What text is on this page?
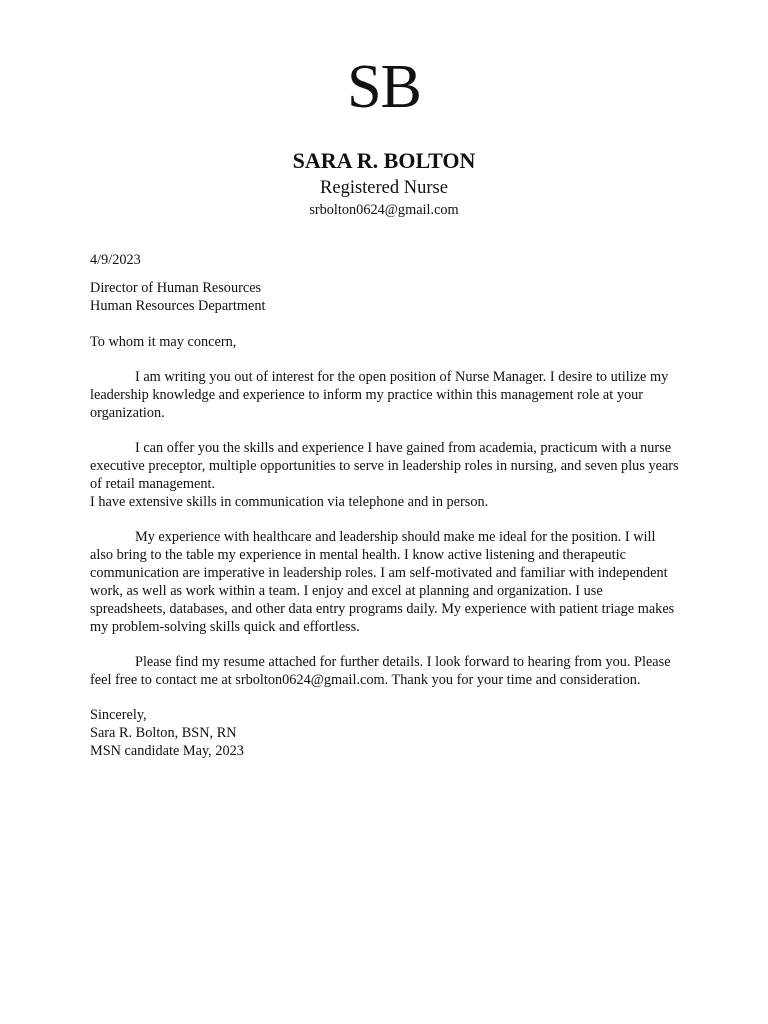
SB
SARA R. BOLTON
Registered Nurse
srbolton0624@gmail.com

4/9/2023

Director of Human Resources

Human Resources Department

To whom it may concern,

I am writing you out of interest for the open position of Nurse Manager. I desire to utilize my leadership knowledge and experience to inform my practice within this management role at your organization.

I can offer you the skills and experience I have gained from academia, practicum with a nurse executive preceptor, multiple opportunities to serve in leadership roles in nursing, and seven plus years of retail management.

I have extensive skills in communication via telephone and in person.

My experience with healthcare and leadership should make me ideal for the position. I will also bring to the table my experience in mental health. I know active listening and therapeutic communication are imperative in leadership roles. I am self-motivated and familiar with independent work, as well as work within a team. I enjoy and excel at planning and organization. I use spreadsheets, databases, and other data entry programs daily. My experience with patient triage makes my problem-solving skills quick and effortless.

Please find my resume attached for further details. I look forward to hearing from you. Please feel free to contact me at srbolton0624@gmail.com. Thank you for your time and consideration.

Sincerely,

Sara R. Bolton, BSN, RN

MSN candidate May, 2023
